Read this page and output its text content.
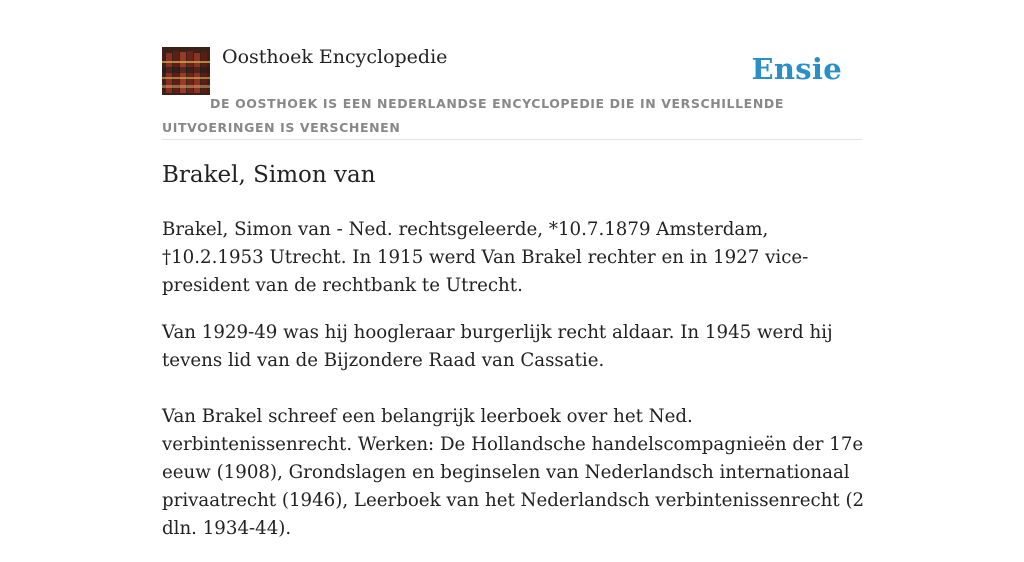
Oosthoek Encyclopedie	Ensie
DE OOSTHOEK IS EEN NEDERLANDSE ENCYCLOPEDIE DIE IN VERSCHILLENDE UITVOERINGEN IS VERSCHENEN
Brakel, Simon van

Brakel, Simon van - Ned. rechtsgeleerde, *10.7.1879 Amsterdam, †10.2.1953 Utrecht. In 1915 werd Van Brakel rechter en in 1927 vice-president van de rechtbank te Utrecht.

Van 1929-49 was hij hoogleraar burgerlijk recht aldaar. In 1945 werd hij tevens lid van de Bijzondere Raad van Cassatie.

Van Brakel schreef een belangrijk leerboek over het Ned. verbintenissenrecht. Werken: De Hollandsche handelscompagnieën der 17e eeuw (1908), Grondslagen en beginselen van Nederlandsch internationaal privaatrecht (1946), Leerboek van het Nederlandsch verbintenissenrecht (2 dln. 1934-44).
